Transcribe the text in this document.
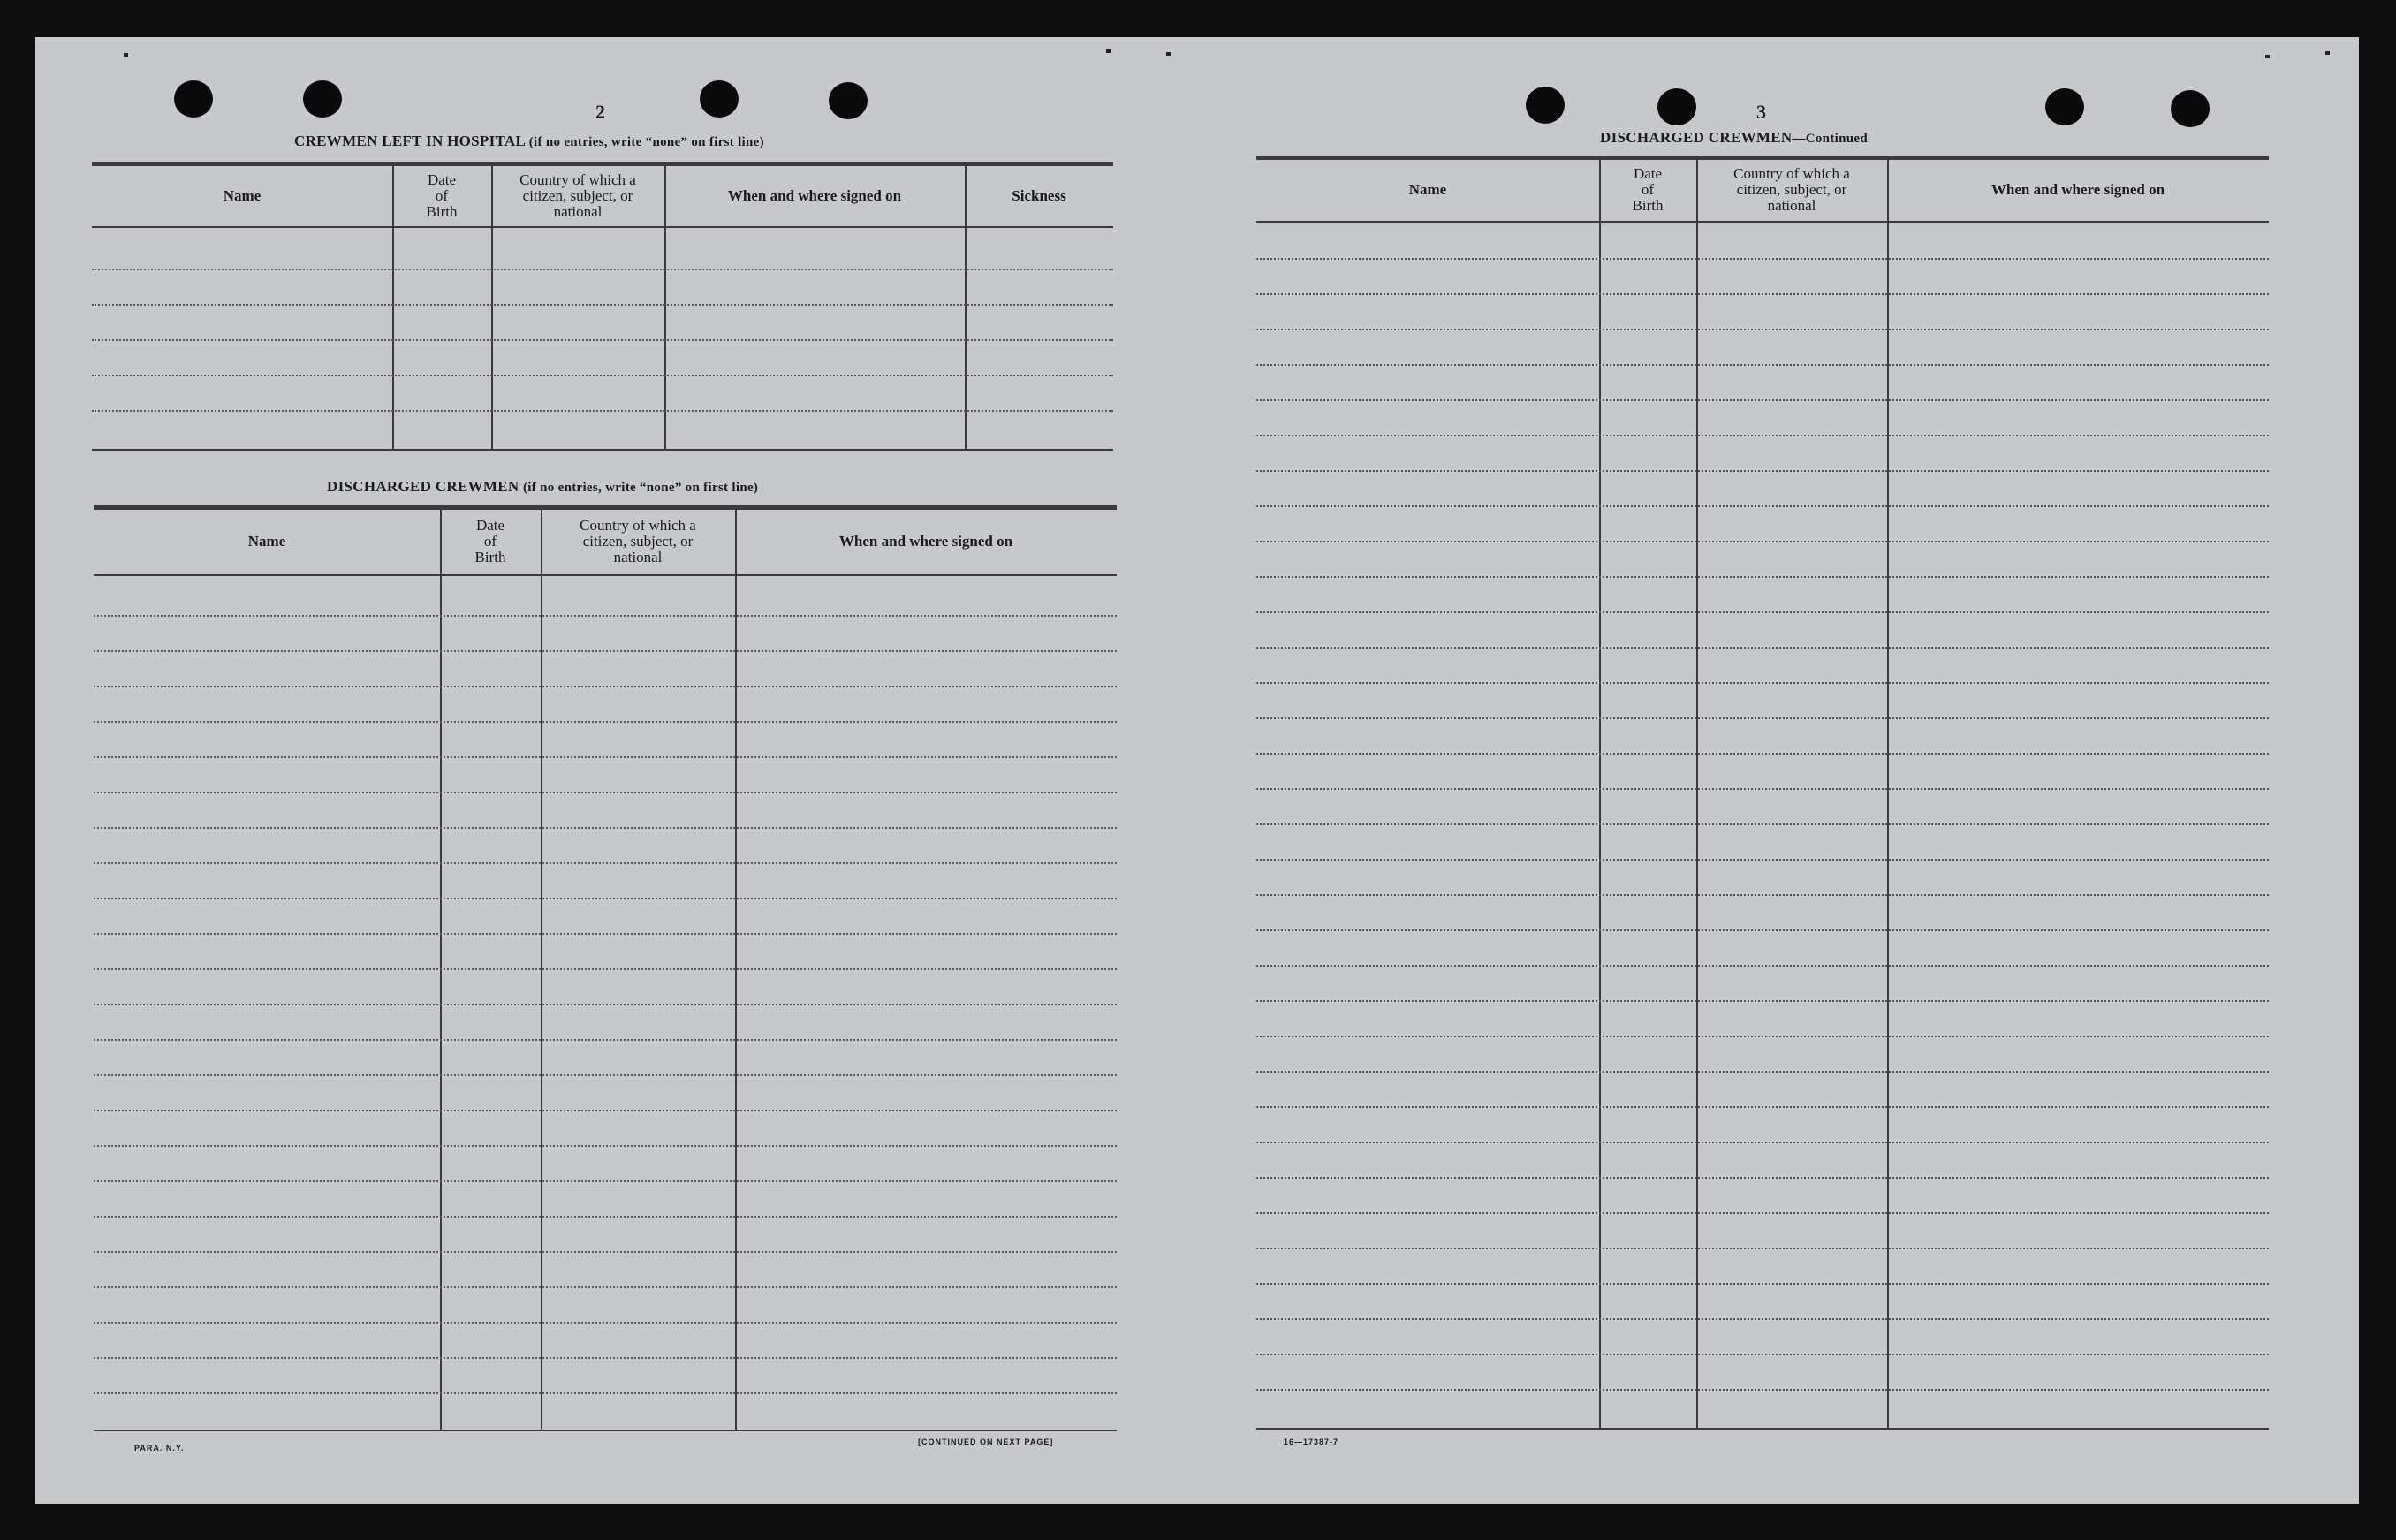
2
CREWMEN LEFT IN HOSPITAL (if no entries, write “none” on first line)
Name
Date
of
Birth
Country of which a
citizen, subject, or
national
When and where signed on	Sickness
DISCHARGED CREWMEN (if no entries, write “none” on first line)
Name
Date
of
Birth
Country of which a
citizen, subject, or
national
When and where signed on
PARA. N.Y.
[CONTINUED ON NEXT PAGE]
3
DISCHARGED CREWMEN—Continued
Name
Date
of
Birth
Country of which a
citizen, subject, or
national
When and where signed on
16—17387-7
